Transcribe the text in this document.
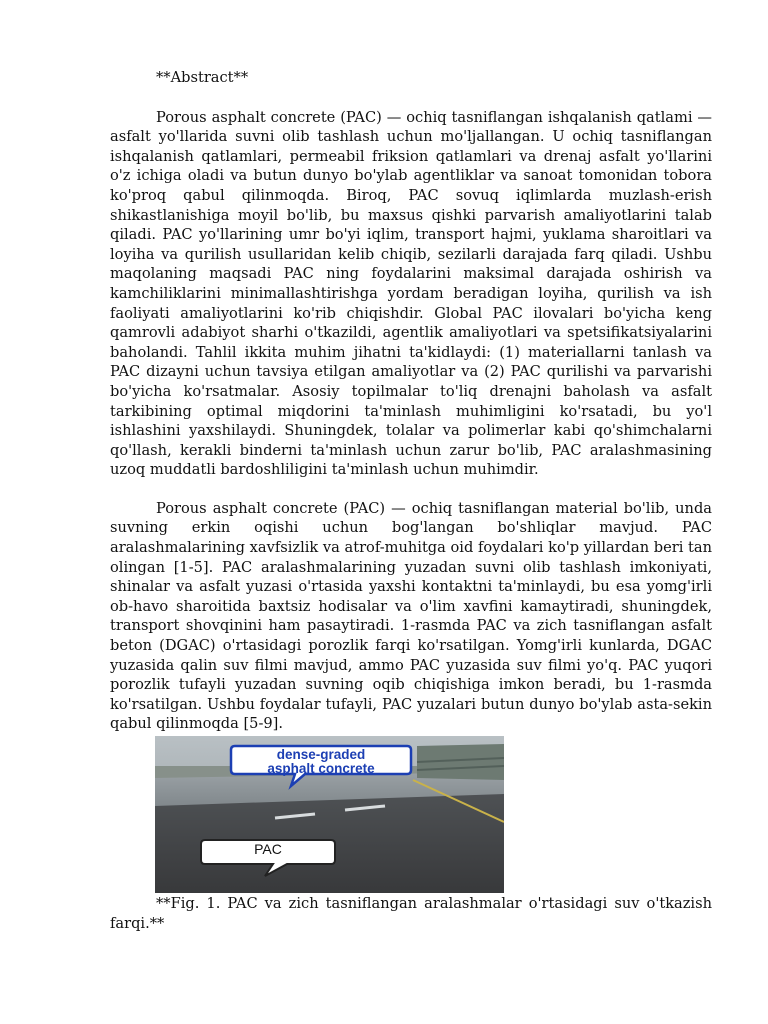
**Abstract**

Porous asphalt concrete (PAC) — ochiq tasniflangan ishqalanish qatlami — asfalt yo'llarida suvni olib tashlash uchun mo'ljallangan. U ochiq tasniflangan ishqalanish qatlamlari, permeabil friksion qatlamlari va drenaj asfalt yo'llarini o'z ichiga oladi va butun dunyo bo'ylab agentliklar va sanoat tomonidan tobora ko'proq qabul qilinmoqda. Biroq, PAC sovuq iqlimlarda muzlash-erish shikastlanishiga moyil bo'lib, bu maxsus qishki parvarish amaliyotlarini talab qiladi. PAC yo'llarining umr bo'yi iqlim, transport hajmi, yuklama sharoitlari va loyiha va qurilish usullaridan kelib chiqib, sezilarli darajada farq qiladi. Ushbu maqolaning maqsadi PAC ning foydalarini maksimal darajada oshirish va kamchiliklarini minimallashtirishga yordam beradigan loyiha, qurilish va ish faoliyati amaliyotlarini ko'rib chiqishdir. Global PAC ilovalari bo'yicha keng qamrovli adabiyot sharhi o'tkazildi, agentlik amaliyotlari va spetsifikatsiyalarini baholandi. Tahlil ikkita muhim jihatni ta'kidlaydi: (1) materiallarni tanlash va PAC dizayni uchun tavsiya etilgan amaliyotlar va (2) PAC qurilishi va parvarishi bo'yicha ko'rsatmalar. Asosiy topilmalar to'liq drenajni baholash va asfalt tarkibining optimal miqdorini ta'minlash muhimligini ko'rsatadi, bu yo'l ishlashini yaxshilaydi. Shuningdek, tolalar va polimerlar kabi qo'shimchalarni qo'llash, kerakli binderni ta'minlash uchun zarur bo'lib, PAC aralashmasining uzoq muddatli bardoshliligini ta'minlash uchun muhimdir.

Porous asphalt concrete (PAC) — ochiq tasniflangan material bo'lib, unda suvning erkin oqishi uchun bog'langan bo'shliqlar mavjud. PAC aralashmalarining xavfsizlik va atrof-muhitga oid foydalari ko'p yillardan beri tan olingan [1-5]. PAC aralashmalarining yuzadan suvni olib tashlash imkoniyati, shinalar va asfalt yuzasi o'rtasida yaxshi kontaktni ta'minlaydi, bu esa yomg'irli ob-havo sharoitida baxtsiz hodisalar va o'lim xavfini kamaytiradi, shuningdek, transport shovqinini ham pasaytiradi. 1-rasmda PAC va zich tasniflangan asfalt beton (DGAC) o'rtasidagi porozlik farqi ko'rsatilgan. Yomg'irli kunlarda, DGAC yuzasida qalin suv filmi mavjud, ammo PAC yuzasida suv filmi yo'q. PAC yuqori porozlik tufayli yuzadan suvning oqib chiqishiga imkon beradi, bu 1-rasmda ko'rsatilgan. Ushbu foydalar tufayli, PAC yuzalari butun dunyo bo'ylab asta-sekin qabul qilinmoqda [5-9].

dense-graded
asphalt concrete
PAC

**Fig. 1. PAC va zich tasniflangan aralashmalar o'rtasidagi suv o'tkazish farqi.**
